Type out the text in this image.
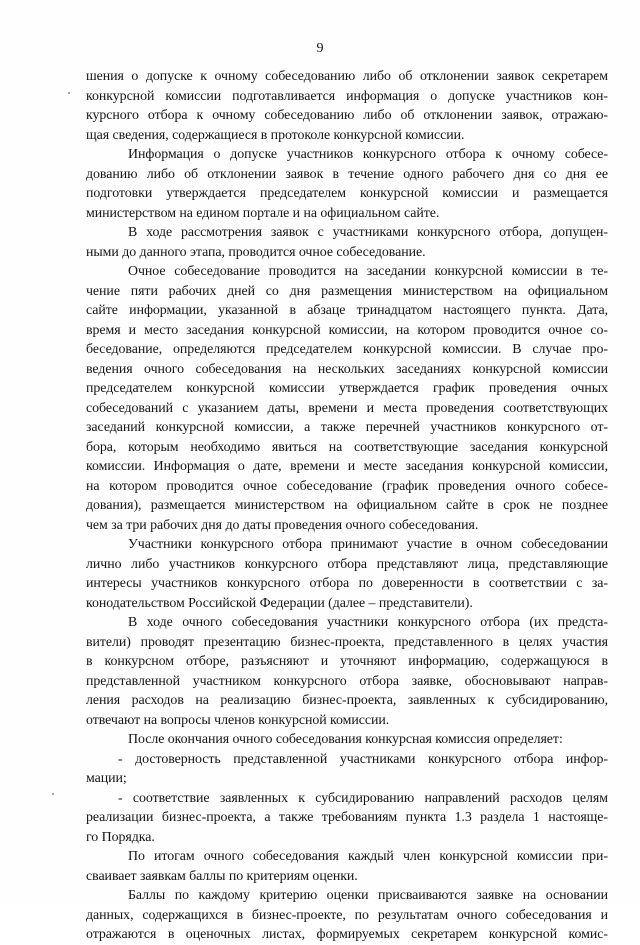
9
шения о допуске к очному собеседованию либо об отклонении заявок секретарем
конкурсной комиссии подготавливается информация о допуске участников кон-
курсного отбора к очному собеседованию либо об отклонении заявок, отражаю-
щая сведения, содержащиеся в протоколе конкурсной комиссии.
Информация о допуске участников конкурсного отбора к очному собесе-
дованию либо об отклонении заявок в течение одного рабочего дня со дня ее
подготовки утверждается председателем конкурсной комиссии и размещается
министерством на едином портале и на официальном сайте.
В ходе рассмотрения заявок с участниками конкурсного отбора, допущен-
ными до данного этапа, проводится очное собеседование.
Очное собеседование проводится на заседании конкурсной комиссии в те-
чение пяти рабочих дней со дня размещения министерством на официальном
сайте информации, указанной в абзаце тринадцатом настоящего пункта. Дата,
время и место заседания конкурсной комиссии, на котором проводится очное со-
беседование, определяются председателем конкурсной комиссии. В случае про-
ведения очного собеседования на нескольких заседаниях конкурсной комиссии
председателем конкурсной комиссии утверждается график проведения очных
собеседований с указанием даты, времени и места проведения соответствующих
заседаний конкурсной комиссии, а также перечней участников конкурсного от-
бора, которым необходимо явиться на соответствующие заседания конкурсной
комиссии. Информация о дате, времени и месте заседания конкурсной комиссии,
на котором проводится очное собеседование (график проведения очного собесе-
дования), размещается министерством на официальном сайте в срок не позднее
чем за три рабочих дня до даты проведения очного собеседования.
Участники конкурсного отбора принимают участие в очном собеседовании
лично либо участников конкурсного отбора представляют лица, представляющие
интересы участников конкурсного отбора по доверенности в соответствии с за-
конодательством Российской Федерации (далее – представители).
В ходе очного собеседования участники конкурсного отбора (их предста-
вители) проводят презентацию бизнес-проекта, представленного в целях участия
в конкурсном отборе, разъясняют и уточняют информацию, содержащуюся в
представленной участником конкурсного отбора заявке, обосновывают направ-
ления расходов на реализацию бизнес-проекта, заявленных к субсидированию,
отвечают на вопросы членов конкурсной комиссии.
После окончания очного собеседования конкурсная комиссия определяет:
- достоверность представленной участниками конкурсного отбора инфор-
мации;
- соответствие заявленных к субсидированию направлений расходов целям
реализации бизнес-проекта, а также требованиям пункта 1.3 раздела 1 настояще-
го Порядка.
По итогам очного собеседования каждый член конкурсной комиссии при-
сваивает заявкам баллы по критериям оценки.
Баллы по каждому критерию оценки присваиваются заявке на основании
данных, содержащихся в бизнес-проекте, по результатам очного собеседования и
отражаются в оценочных листах, формируемых секретарем конкурсной комис-
